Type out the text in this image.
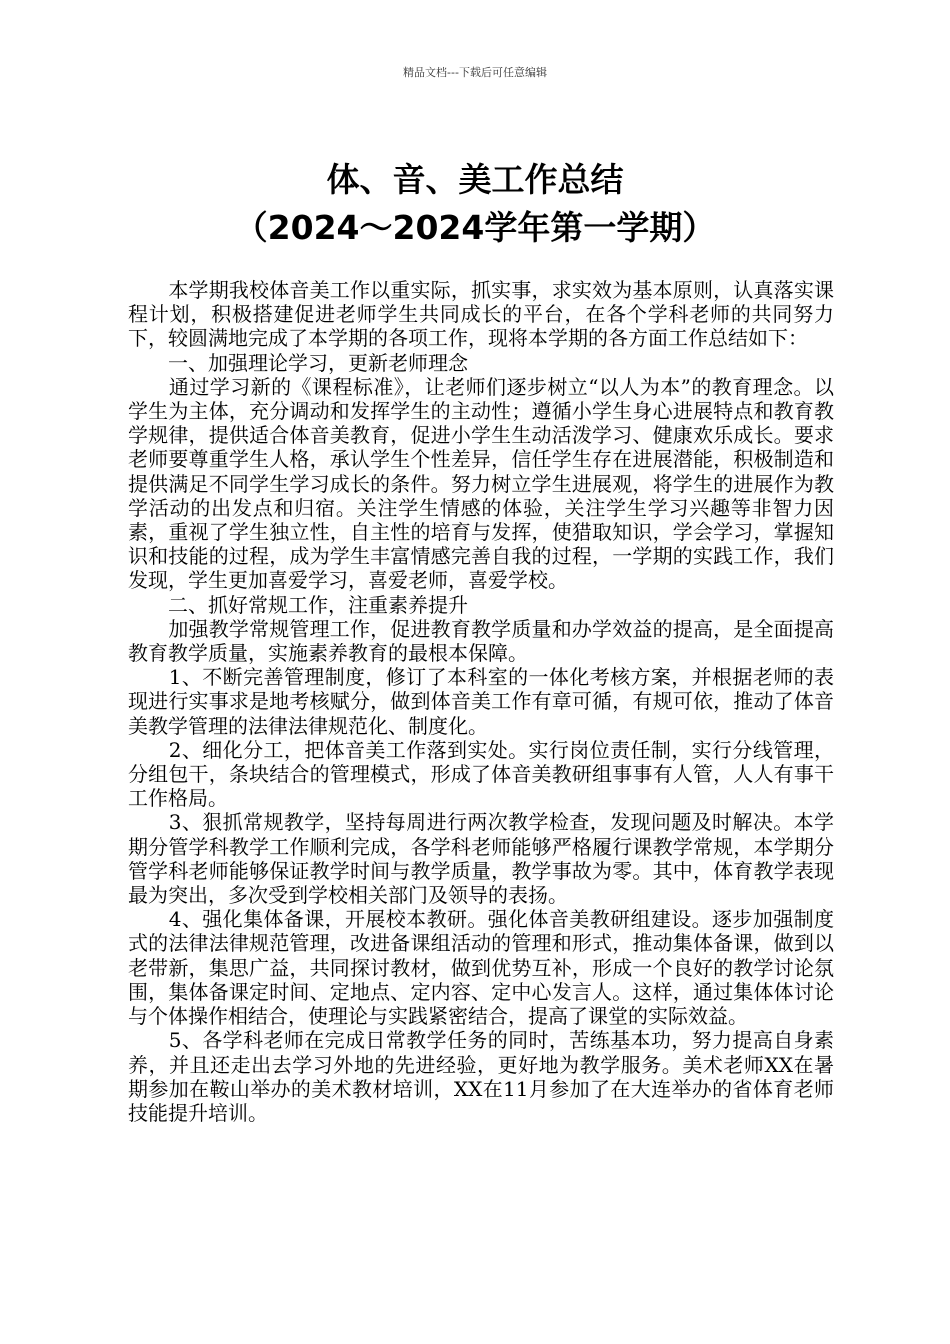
精品文档---下载后可任意编辑
体、音、美工作总结
（2024～2024学年第一学期）

　　本学期我校体音美工作以重实际，抓实事，求实效为基本原则，认真落实课程计划，积极搭建促进老师学生共同成长的平台，在各个学科老师的共同努力下，较圆满地完成了本学期的各项工作，现将本学期的各方面工作总结如下：

　　一、加强理论学习，更新老师理念

　　通过学习新的《课程标准》，让老师们逐步树立“以人为本”的教育理念。以学生为主体，充分调动和发挥学生的主动性；遵循小学生身心进展特点和教育教学规律，提供适合体音美教育，促进小学生生动活泼学习、健康欢乐成长。要求老师要尊重学生人格，承认学生个性差异，信任学生存在进展潜能，积极制造和提供满足不同学生学习成长的条件。努力树立学生进展观，将学生的进展作为教学活动的出发点和归宿。关注学生情感的体验，关注学生学习兴趣等非智力因素，重视了学生独立性，自主性的培育与发挥，使猎取知识，学会学习，掌握知识和技能的过程，成为学生丰富情感完善自我的过程，一学期的实践工作，我们发现，学生更加喜爱学习，喜爱老师，喜爱学校。

　　二、抓好常规工作，注重素养提升

　　加强教学常规管理工作，促进教育教学质量和办学效益的提高，是全面提高教育教学质量，实施素养教育的最根本保障。

　　1、不断完善管理制度，修订了本科室的一体化考核方案，并根据老师的表现进行实事求是地考核赋分，做到体音美工作有章可循，有规可依，推动了体音美教学管理的法律法律规范化、制度化。

　　2、细化分工，把体音美工作落到实处。实行岗位责任制，实行分线管理，分组包干，条块结合的管理模式，形成了体音美教研组事事有人管，人人有事干工作格局。

　　3、狠抓常规教学，坚持每周进行两次教学检查，发现问题及时解决。本学期分管学科教学工作顺利完成，各学科老师能够严格履行课教学常规，本学期分管学科老师能够保证教学时间与教学质量，教学事故为零。其中，体育教学表现最为突出，多次受到学校相关部门及领导的表扬。

　　4、强化集体备课，开展校本教研。强化体音美教研组建设。逐步加强制度式的法律法律规范管理，改进备课组活动的管理和形式，推动集体备课，做到以老带新，集思广益，共同探讨教材，做到优势互补，形成一个良好的教学讨论氛围，集体备课定时间、定地点、定内容、定中心发言人。这样，通过集体体讨论与个体操作相结合，使理论与实践紧密结合，提高了课堂的实际效益。

　　5、各学科老师在完成日常教学任务的同时，苦练基本功，努力提高自身素养，并且还走出去学习外地的先进经验，更好地为教学服务。美术老师XX在暑期参加在鞍山举办的美术教材培训，XX在11月参加了在大连举办的省体育老师技能提升培训。
